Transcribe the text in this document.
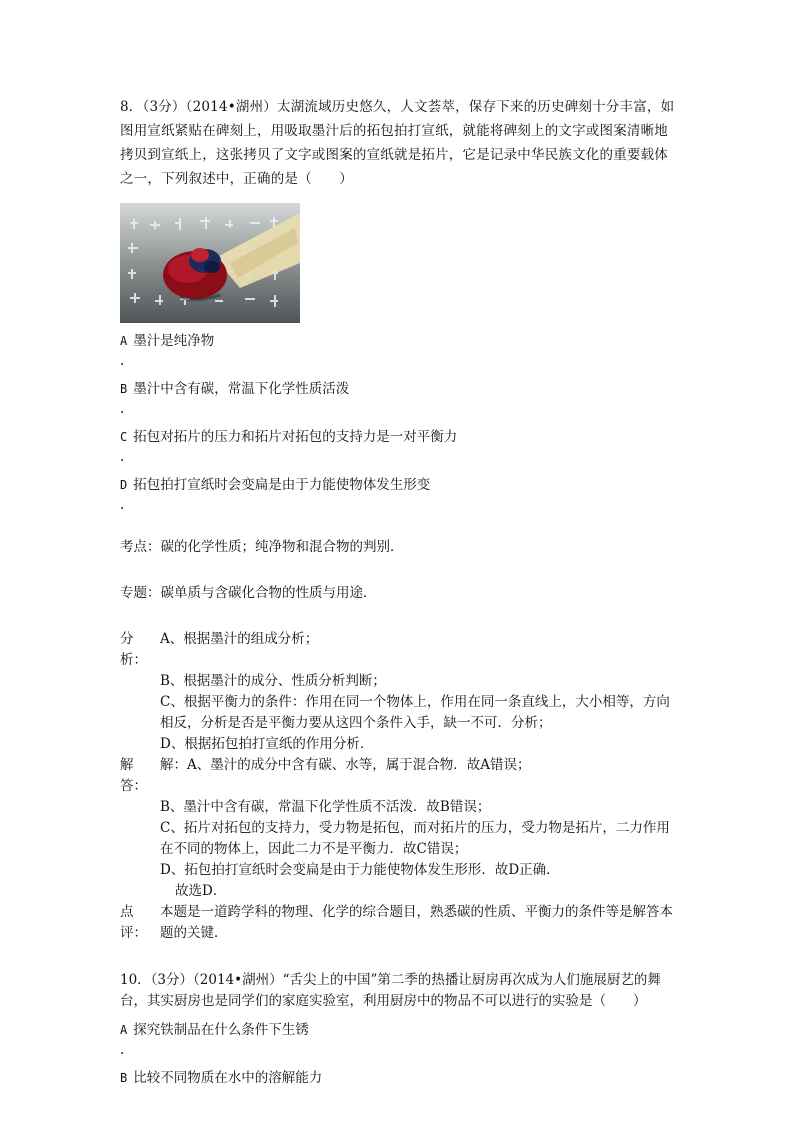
8．（3分）（2014•湖州）太湖流域历史悠久，人文荟萃，保存下来的历史碑刻十分丰富，如图用宣纸紧贴在碑刻上，用吸取墨汁后的拓包拍打宣纸，就能将碑刻上的文字或图案清晰地拷贝到宣纸上，这张拷贝了文字或图案的宣纸就是拓片，它是记录中华民族文化的重要载体之一，下列叙述中，正确的是（　　）
A 墨汁是纯净物
.
B 墨汁中含有碳，常温下化学性质活泼
.
C 拓包对拓片的压力和拓片对拓包的支持力是一对平衡力
.
D 拓包拍打宣纸时会变扁是由于力能使物体发生形变
.
考点：碳的化学性质；纯净物和混合物的判别．
专题：碳单质与含碳化合物的性质与用途．
分析：
A、根据墨汁的组成分析；
B、根据墨汁的成分、性质分析判断；
C、根据平衡力的条件：作用在同一个物体上，作用在同一条直线上，大小相等，方向相反，分析是否是平衡力要从这四个条件入手，缺一不可．分析；
D、根据拓包拍打宣纸的作用分析．
解答：
解：A、墨汁的成分中含有碳、水等，属于混合物．故A错误；
B、墨汁中含有碳，常温下化学性质不活泼．故B错误；
C、拓片对拓包的支持力，受力物是拓包，而对拓片的压力，受力物是拓片，二力作用在不同的物体上，因此二力不是平衡力．故C错误；
D、拓包拍打宣纸时会变扁是由于力能使物体发生形形．故D正确．
故选D．
点评：
本题是一道跨学科的物理、化学的综合题目，熟悉碳的性质、平衡力的条件等是解答本题的关键．
10．（3分）（2014•湖州）“舌尖上的中国”第二季的热播让厨房再次成为人们施展厨艺的舞台，其实厨房也是同学们的家庭实验室，利用厨房中的物品不可以进行的实验是（　　）
A 探究铁制品在什么条件下生锈
.
B 比较不同物质在水中的溶解能力
